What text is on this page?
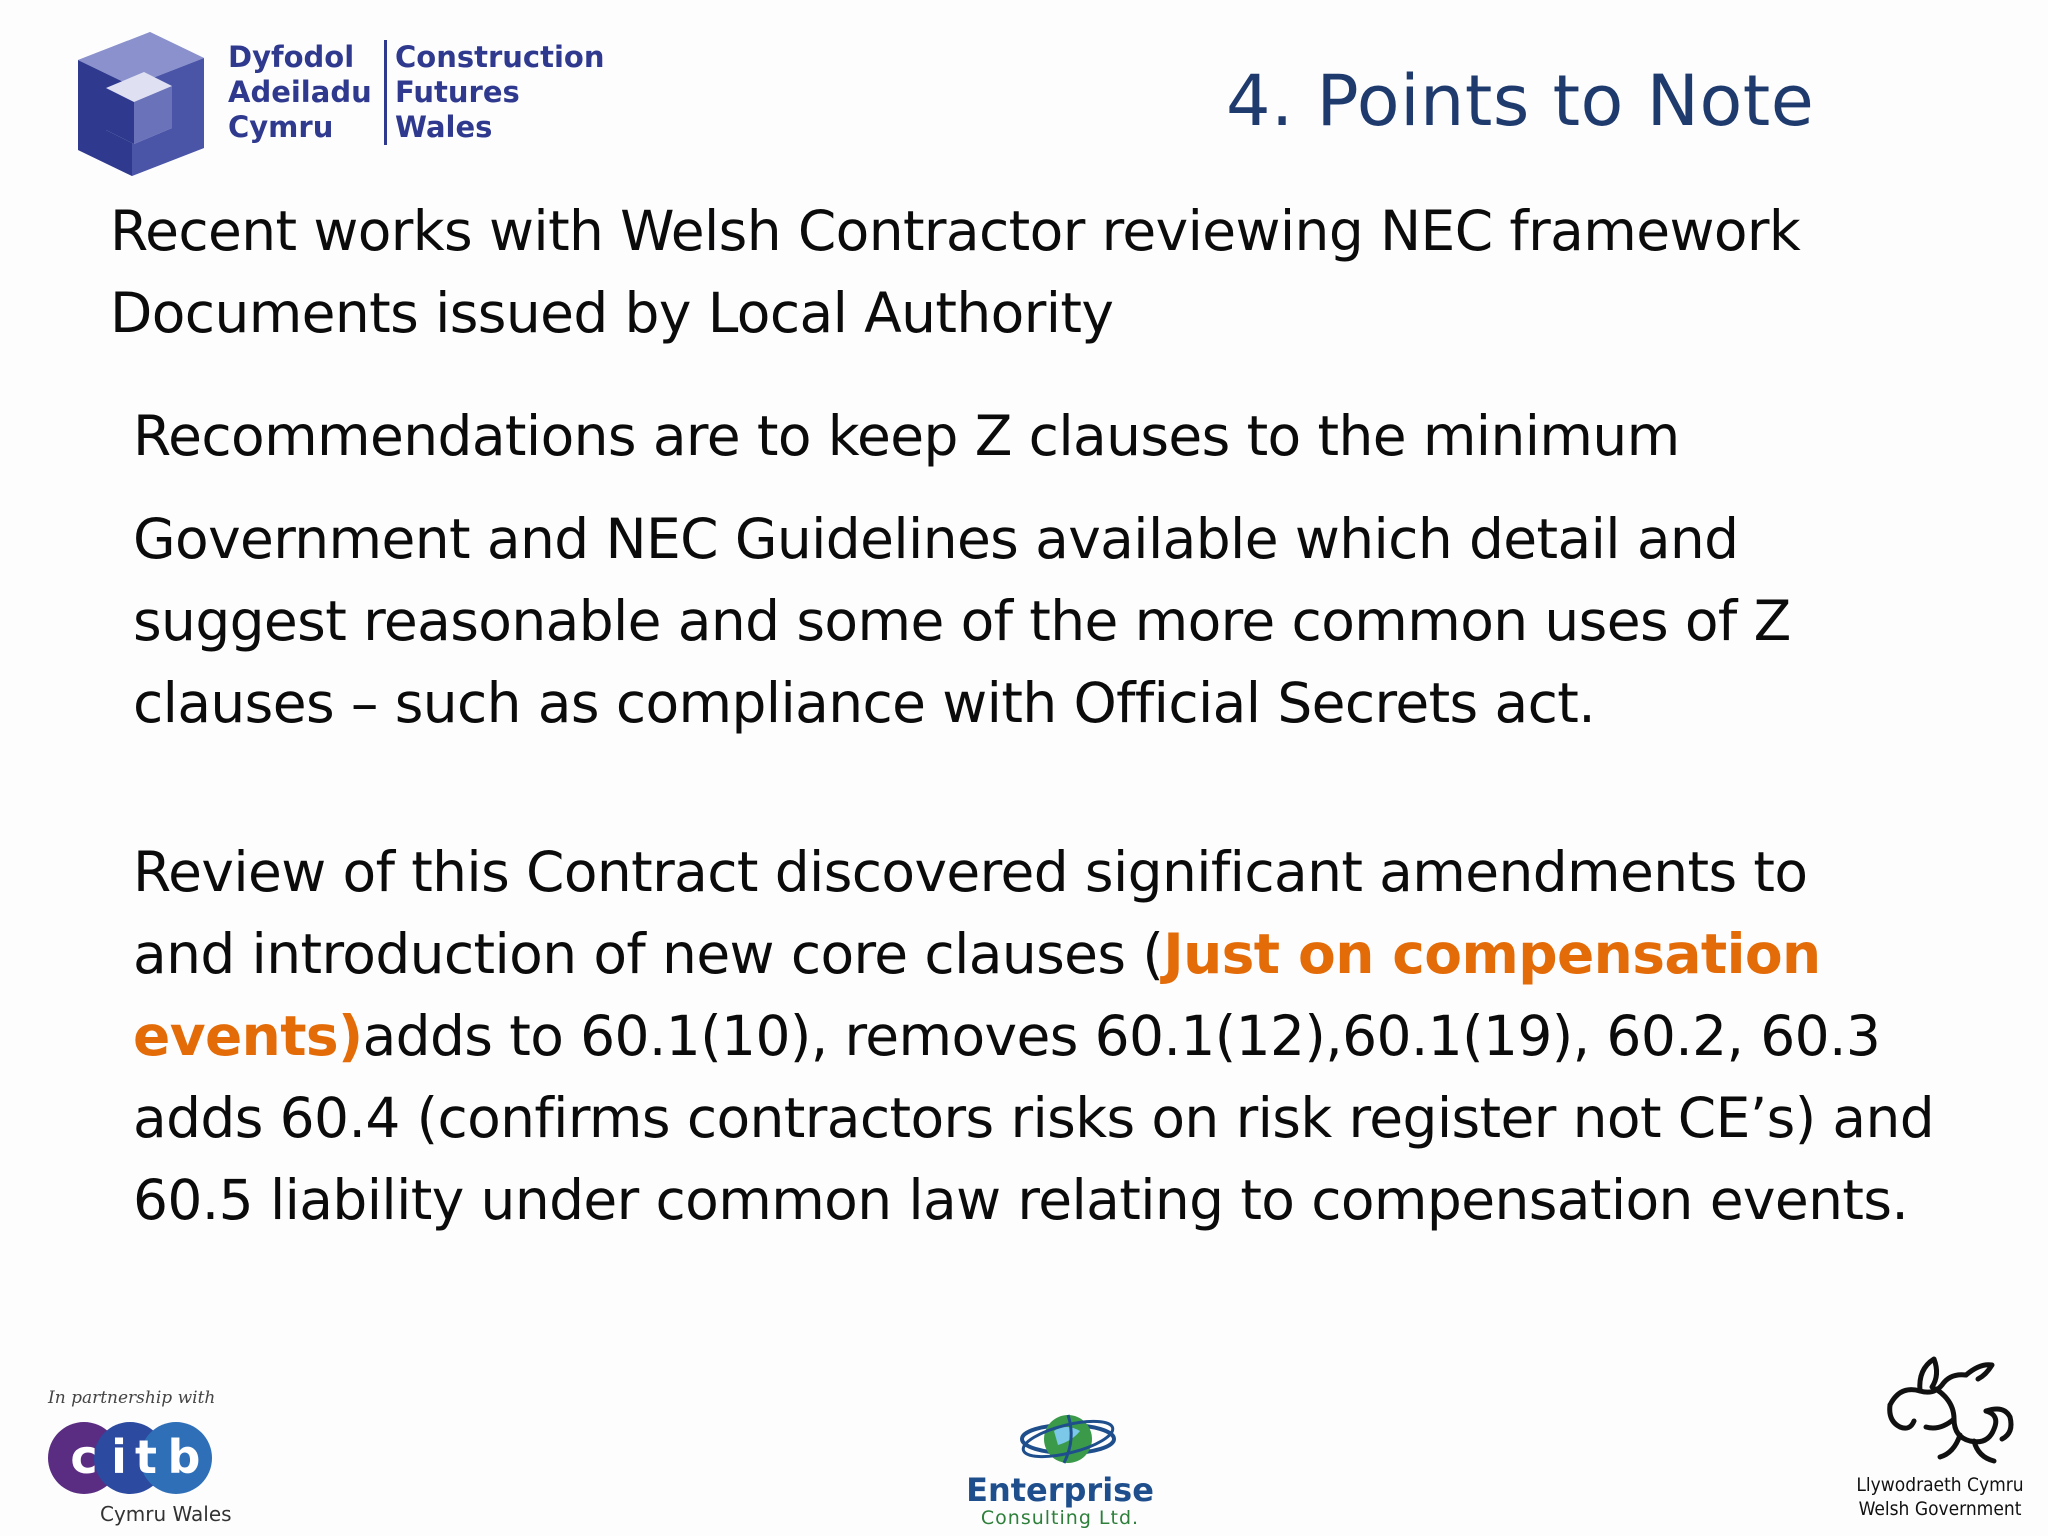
Dyfodol
Adeiladu
Cymru
Construction
Futures
Wales	4. Points to Note
Recent works with Welsh Contractor reviewing NEC framework
Documents issued by Local Authority
Recommendations are to keep Z clauses to the minimum
Government and NEC Guidelines available which detail and
suggest reasonable and some of the more common uses of Z
clauses – such as compliance with Official Secrets act.
Review of this Contract discovered significant amendments to
and introduction of new core clauses (Just on compensation
events)adds to 60.1(10), removes 60.1(12),60.1(19), 60.2, 60.3
adds 60.4 (confirms contractors risks on risk register not CE’s) and
60.5 liability under common law relating to compensation events.
In partnership with
c i t b
Cymru Wales
Enterprise
Consulting Ltd.
Llywodraeth Cymru
Welsh Government
